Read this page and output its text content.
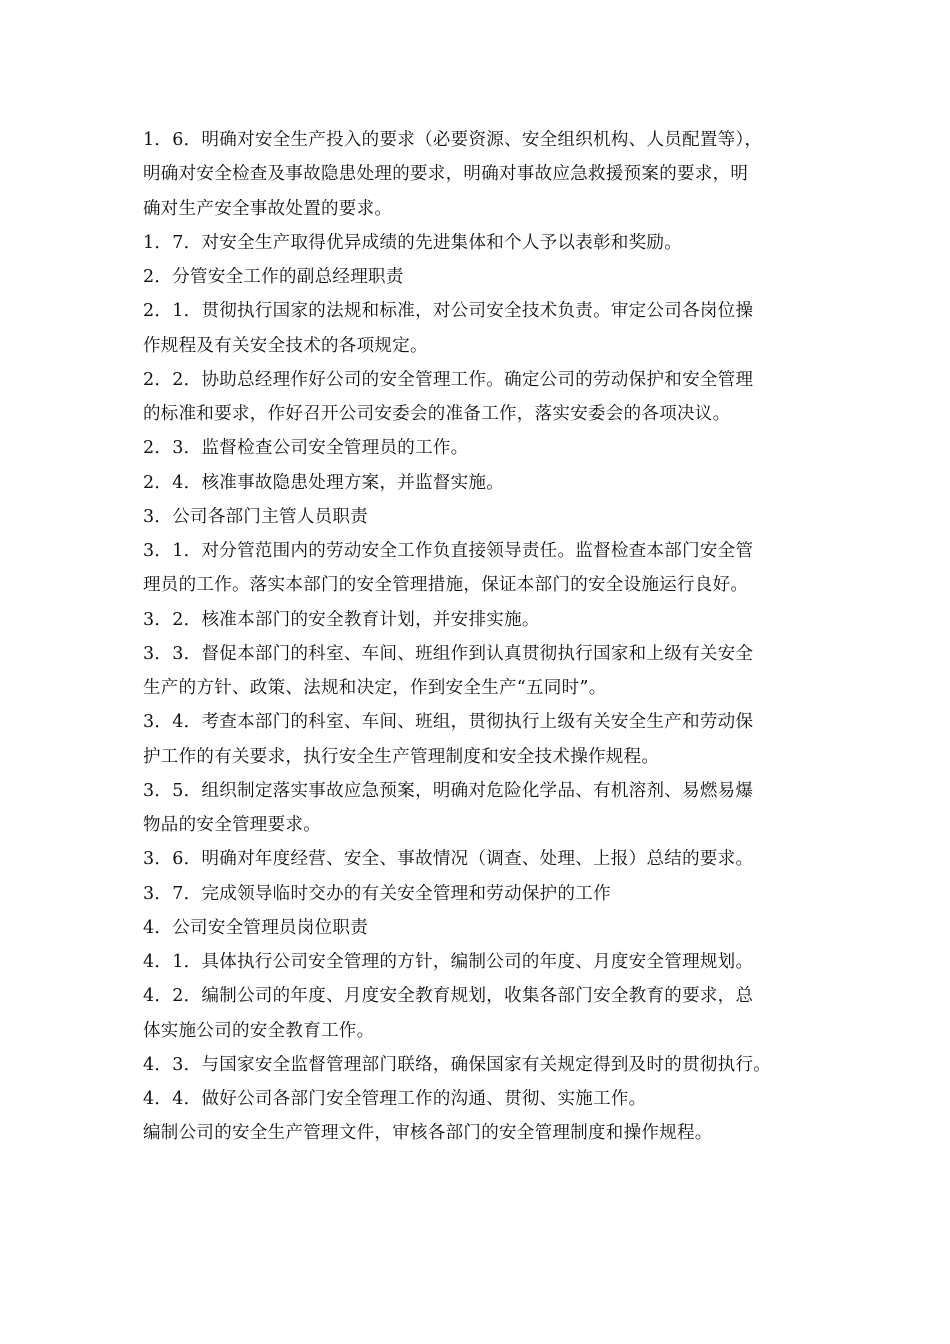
1．6．明确对安全生产投入的要求（必要资源、安全组织机构、人员配置等），
明确对安全检查及事故隐患处理的要求，明确对事故应急救援预案的要求，明
确对生产安全事故处置的要求。
1．7．对安全生产取得优异成绩的先进集体和个人予以表彰和奖励。
2．分管安全工作的副总经理职责
2．1．贯彻执行国家的法规和标准，对公司安全技术负责。审定公司各岗位操
作规程及有关安全技术的各项规定。
2．2．协助总经理作好公司的安全管理工作。确定公司的劳动保护和安全管理
的标准和要求，作好召开公司安委会的准备工作，落实安委会的各项决议。
2．3．监督检查公司安全管理员的工作。
2．4．核准事故隐患处理方案，并监督实施。
3．公司各部门主管人员职责
3．1．对分管范围内的劳动安全工作负直接领导责任。监督检查本部门安全管
理员的工作。落实本部门的安全管理措施，保证本部门的安全设施运行良好。
3．2．核准本部门的安全教育计划，并安排实施。
3．3．督促本部门的科室、车间、班组作到认真贯彻执行国家和上级有关安全
生产的方针、政策、法规和决定，作到安全生产“五同时”。
3．4．考查本部门的科室、车间、班组，贯彻执行上级有关安全生产和劳动保
护工作的有关要求，执行安全生产管理制度和安全技术操作规程。
3．5．组织制定落实事故应急预案，明确对危险化学品、有机溶剂、易燃易爆
物品的安全管理要求。
3．6．明确对年度经营、安全、事故情况（调查、处理、上报）总结的要求。
3．7．完成领导临时交办的有关安全管理和劳动保护的工作
4．公司安全管理员岗位职责
4．1．具体执行公司安全管理的方针，编制公司的年度、月度安全管理规划。
4．2．编制公司的年度、月度安全教育规划，收集各部门安全教育的要求，总
体实施公司的安全教育工作。
4．3．与国家安全监督管理部门联络，确保国家有关规定得到及时的贯彻执行。
4．4．做好公司各部门安全管理工作的沟通、贯彻、实施工作。
编制公司的安全生产管理文件，审核各部门的安全管理制度和操作规程。
